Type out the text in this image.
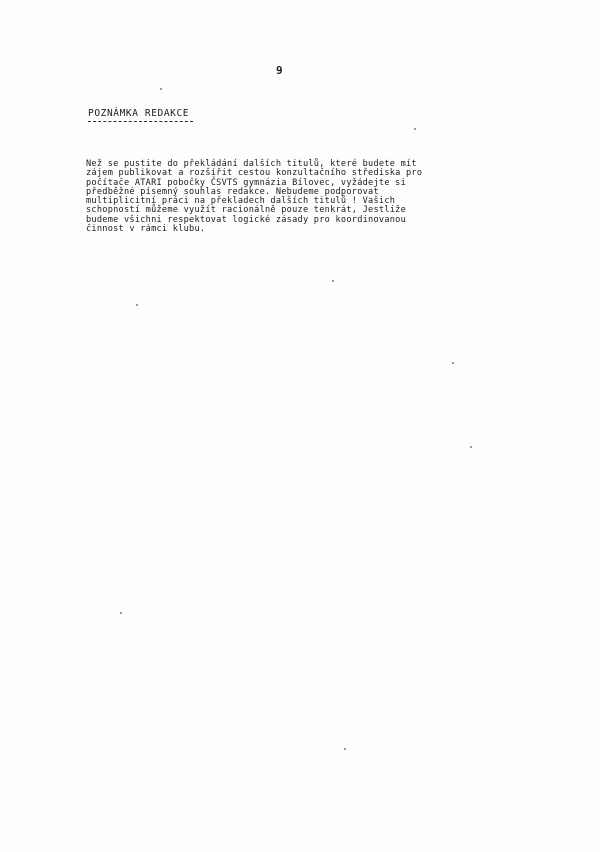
9
POZNÁMKA REDAKCE
Než se pustite do překládání dalších titulů, které budete mít
zájem publikovat a rozšířit cestou konzultačního střediska pro
počítače ATARI pobočky ČSVTS gymnázia Bílovec, vyžádejte si
předběžné písemný souhlas redakce. Nebudeme podporovat
multiplicitní práci na překladech dalších titulů ! Vašich
schopností můžeme využít racionálně pouze tenkrát, Jestliže
budeme všichni respektovat logické zásady pro koordinovanou
činnost v rámci klubu.
